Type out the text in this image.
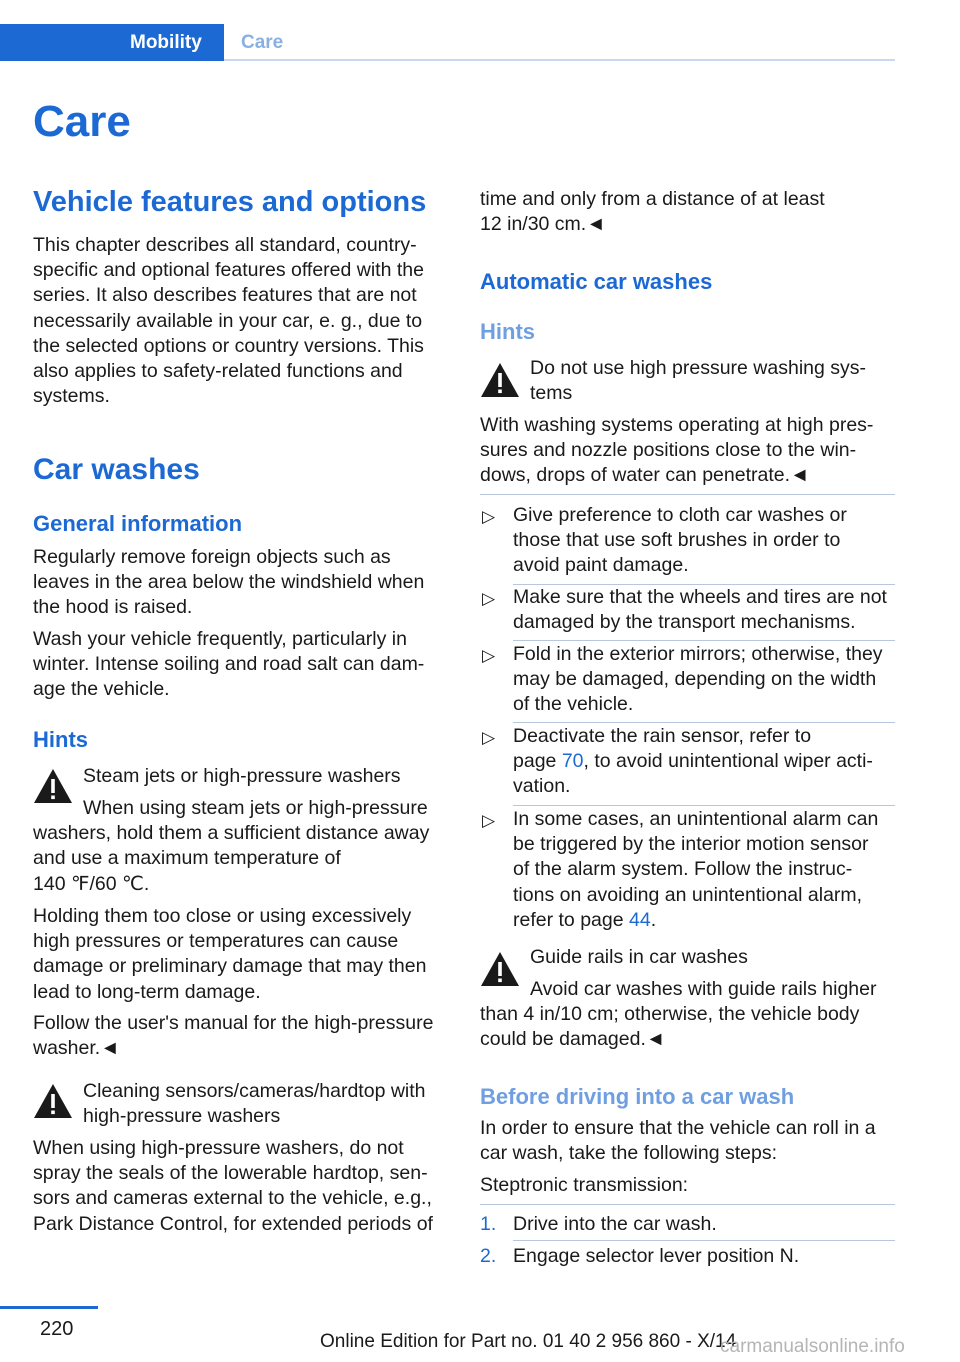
Mobility	Care
Care
Vehicle features and options

This chapter describes all standard, country-
specific and optional features offered with the
series. It also describes features that are not
necessarily available in your car, e. g., due to
the selected options or country versions. This
also applies to safety-related functions and
systems.

Car washes
General information

Regularly remove foreign objects such as
leaves in the area below the windshield when
the hood is raised.

Wash your vehicle frequently, particularly in
winter. Intense soiling and road salt can dam-
age the vehicle.

Hints

Steam jets or high-pressure washers

When using steam jets or high-pressure
washers, hold them a sufficient distance away
and use a maximum temperature of
140 ℉/60 ℃.

Holding them too close or using excessively
high pressures or temperatures can cause
damage or preliminary damage that may then
lead to long-term damage.

Follow the user's manual for the high-pressure
washer.◄

Cleaning sensors/cameras/hardtop with
high-pressure washers

When using high-pressure washers, do not
spray the seals of the lowerable hardtop, sen-
sors and cameras external to the vehicle, e.g.,
Park Distance Control, for extended periods of

time and only from a distance of at least
12 in/30 cm.◄

Automatic car washes
Hints

Do not use high pressure washing sys-
tems

With washing systems operating at high pres-
sures and nozzle positions close to the win-
dows, drops of water can penetrate.◄

▷ Give preference to cloth car washes or
those that use soft brushes in order to
avoid paint damage.

▷ Make sure that the wheels and tires are not
damaged by the transport mechanisms.

▷ Fold in the exterior mirrors; otherwise, they
may be damaged, depending on the width
of the vehicle.

▷ Deactivate the rain sensor, refer to
page 70, to avoid unintentional wiper acti-
vation.

▷ In some cases, an unintentional alarm can
be triggered by the interior motion sensor
of the alarm system. Follow the instruc-
tions on avoiding an unintentional alarm,
refer to page 44.

Guide rails in car washes

Avoid car washes with guide rails higher
than 4 in/10 cm; otherwise, the vehicle body
could be damaged.◄

Before driving into a car wash

In order to ensure that the vehicle can roll in a
car wash, take the following steps:

Steptronic transmission:

1. Drive into the car wash.

2. Engage selector lever position N.

220
Online Edition for Part no. 01 40 2 956 860 - X/14
carmanualsonline.info
